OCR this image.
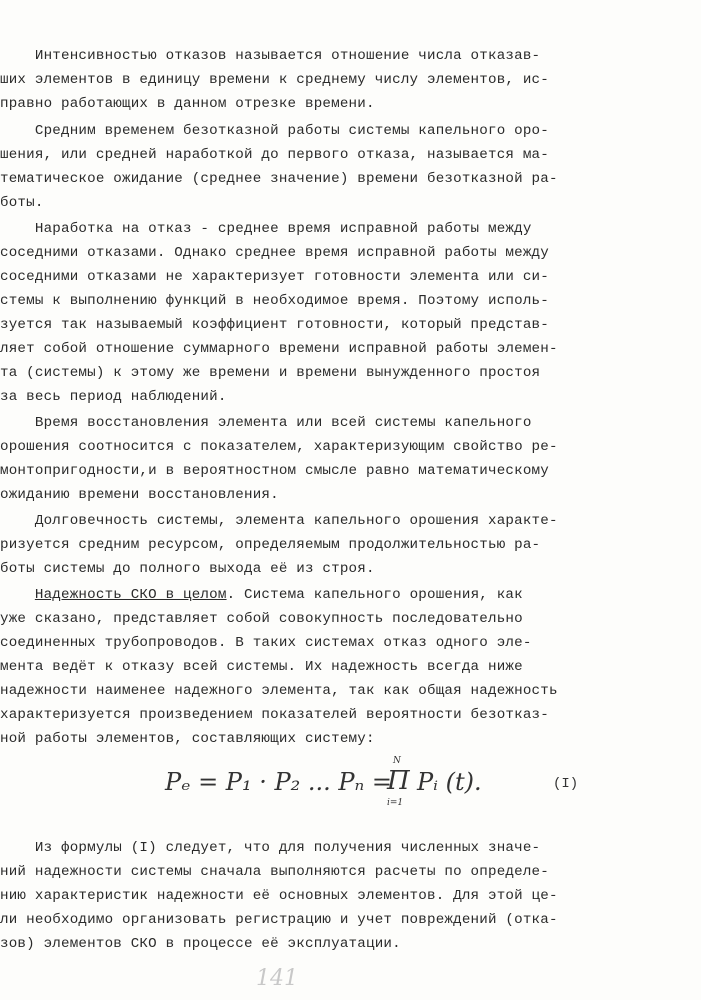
Интенсивностью отказов называется отношение числа отказав-
ших элементов в единицу времени к среднему числу элементов, ис-
правно работающих в данном отрезке времени.
Средним временем безотказной работы системы капельного оро-
шения, или средней наработкой до первого отказа, называется ма-
тематическое ожидание (среднее значение) времени безотказной ра-
боты.
Наработка на отказ - среднее время исправной работы между
соседними отказами. Однако среднее время исправной работы между
соседними отказами не характеризует готовности элемента или си-
стемы к выполнению функций в необходимое время. Поэтому исполь-
зуется так называемый коэффициент готовности, который представ-
ляет собой отношение суммарного времени исправной работы элемен-
та (системы) к этому же времени и времени вынужденного простоя
за весь период наблюдений.
Время восстановления элемента или всей системы капельного
орошения соотносится с показателем, характеризующим свойство ре-
монтопригодности,и в вероятностном смысле равно математическому
ожиданию времени восстановления.
Долговечность системы, элемента капельного орошения характе-
ризуется средним ресурсом, определяемым продолжительностью ра-
боты системы до полного выхода её из строя.
Надежность СКО в целом. Система капельного орошения, как
уже сказано, представляет собой совокупность последовательно
соединенных трубопроводов. В таких системах отказ одного эле-
мента ведёт к отказу всей системы. Их надежность всегда ниже
надежности наименее надежного элемента, так как общая надежность
характеризуется произведением показателей вероятности безотказ-
ной работы элементов, составляющих систему:
Pₑ = P₁ · P₂ ... Pₙ =
N
Π
i=1
Pᵢ (t).	(I)
Из формулы (I) следует, что для получения численных значе-
ний надежности системы сначала выполняются расчеты по определе-
нию характеристик надежности её основных элементов. Для этой це-
ли необходимо организовать регистрацию и учет повреждений (отка-
зов) элементов СКО в процессе её эксплуатации.
141
